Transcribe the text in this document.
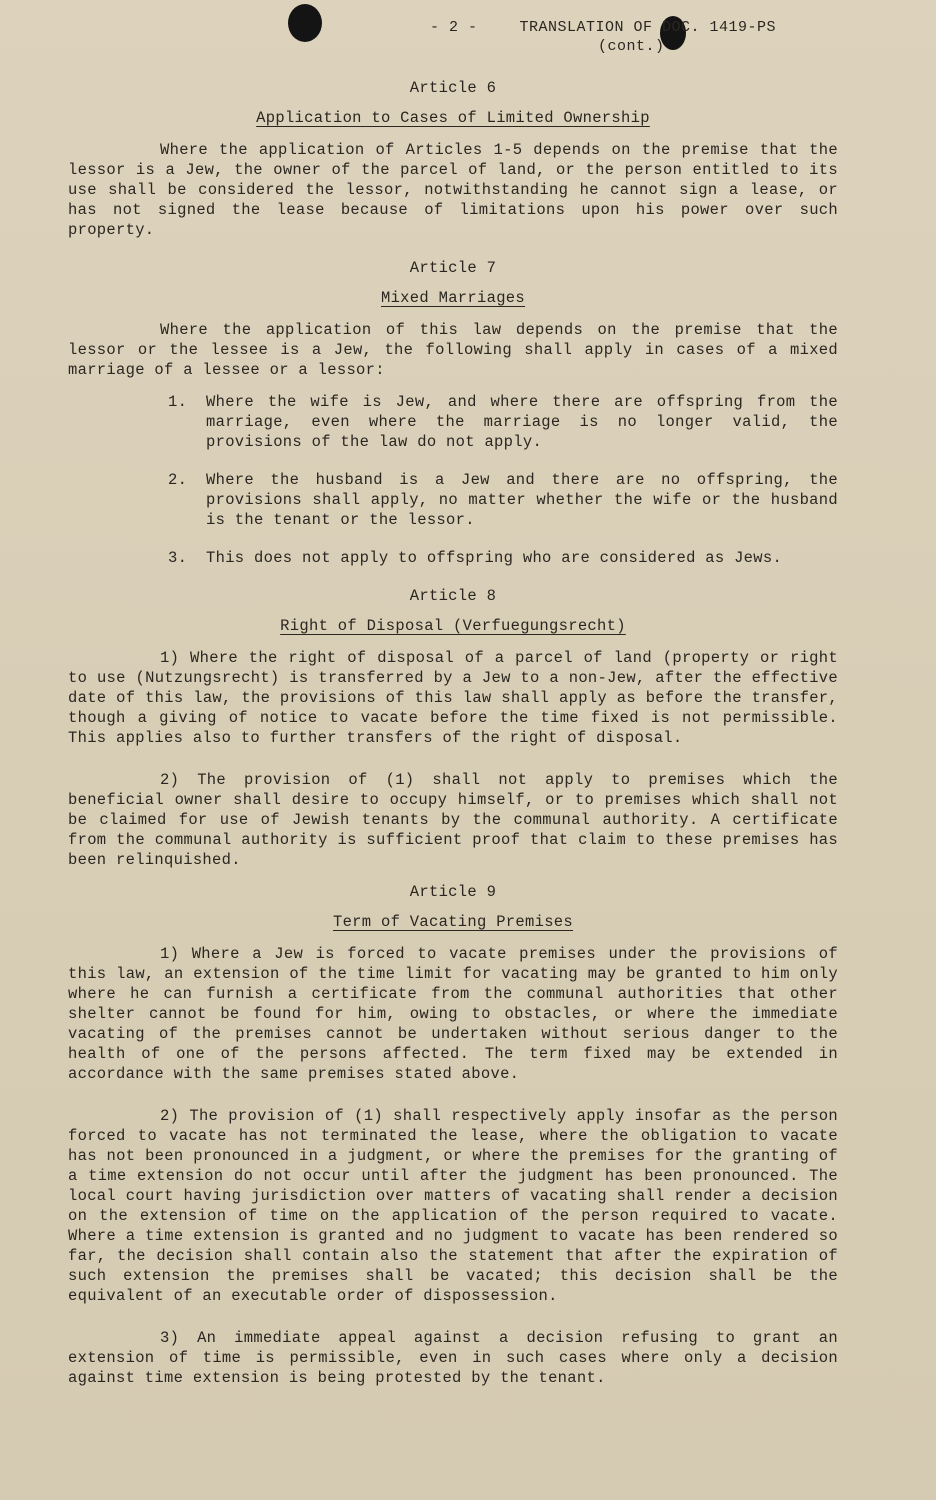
- 2 -	TRANSLATION OF DOC. 1419-PS
(cont.)

Article 6

Application to Cases of Limited Ownership

Where the application of Articles 1-5 depends on the premise that the lessor is a Jew, the owner of the parcel of land, or the person entitled to its use shall be considered the lessor, notwithstanding he cannot sign a lease, or has not signed the lease because of limitations upon his power over such property.

Article 7

Mixed Marriages

Where the application of this law depends on the premise that the lessor or the lessee is a Jew, the following shall apply in cases of a mixed marriage of a lessee or a lessor:

1. Where the wife is Jew, and where there are offspring from the marriage, even where the marriage is no longer valid, the provisions of the law do not apply.
2. Where the husband is a Jew and there are no offspring, the provisions shall apply, no matter whether the wife or the husband is the tenant or the lessor.
3. This does not apply to offspring who are considered as Jews.

Article 8

Right of Disposal (Verfuegungsrecht)

1) Where the right of disposal of a parcel of land (property or right to use (Nutzungsrecht) is transferred by a Jew to a non-Jew, after the effective date of this law, the provisions of this law shall apply as before the transfer, though a giving of notice to vacate before the time fixed is not permissible. This applies also to further transfers of the right of disposal.

2) The provision of (1) shall not apply to premises which the beneficial owner shall desire to occupy himself, or to premises which shall not be claimed for use of Jewish tenants by the communal authority. A certificate from the communal authority is sufficient proof that claim to these premises has been relinquished.

Article 9

Term of Vacating Premises

1) Where a Jew is forced to vacate premises under the provisions of this law, an extension of the time limit for vacating may be granted to him only where he can furnish a certificate from the communal authorities that other shelter cannot be found for him, owing to obstacles, or where the immediate vacating of the premises cannot be undertaken without serious danger to the health of one of the persons affected. The term fixed may be extended in accordance with the same premises stated above.

2) The provision of (1) shall respectively apply insofar as the person forced to vacate has not terminated the lease, where the obligation to vacate has not been pronounced in a judgment, or where the premises for the granting of a time extension do not occur until after the judgment has been pronounced. The local court having jurisdiction over matters of vacating shall render a decision on the extension of time on the application of the person required to vacate. Where a time extension is granted and no judgment to vacate has been rendered so far, the decision shall contain also the statement that after the expiration of such extension the premises shall be vacated; this decision shall be the equivalent of an executable order of dispossession.

3) An immediate appeal against a decision refusing to grant an extension of time is permissible, even in such cases where only a decision against time extension is being protested by the tenant.
